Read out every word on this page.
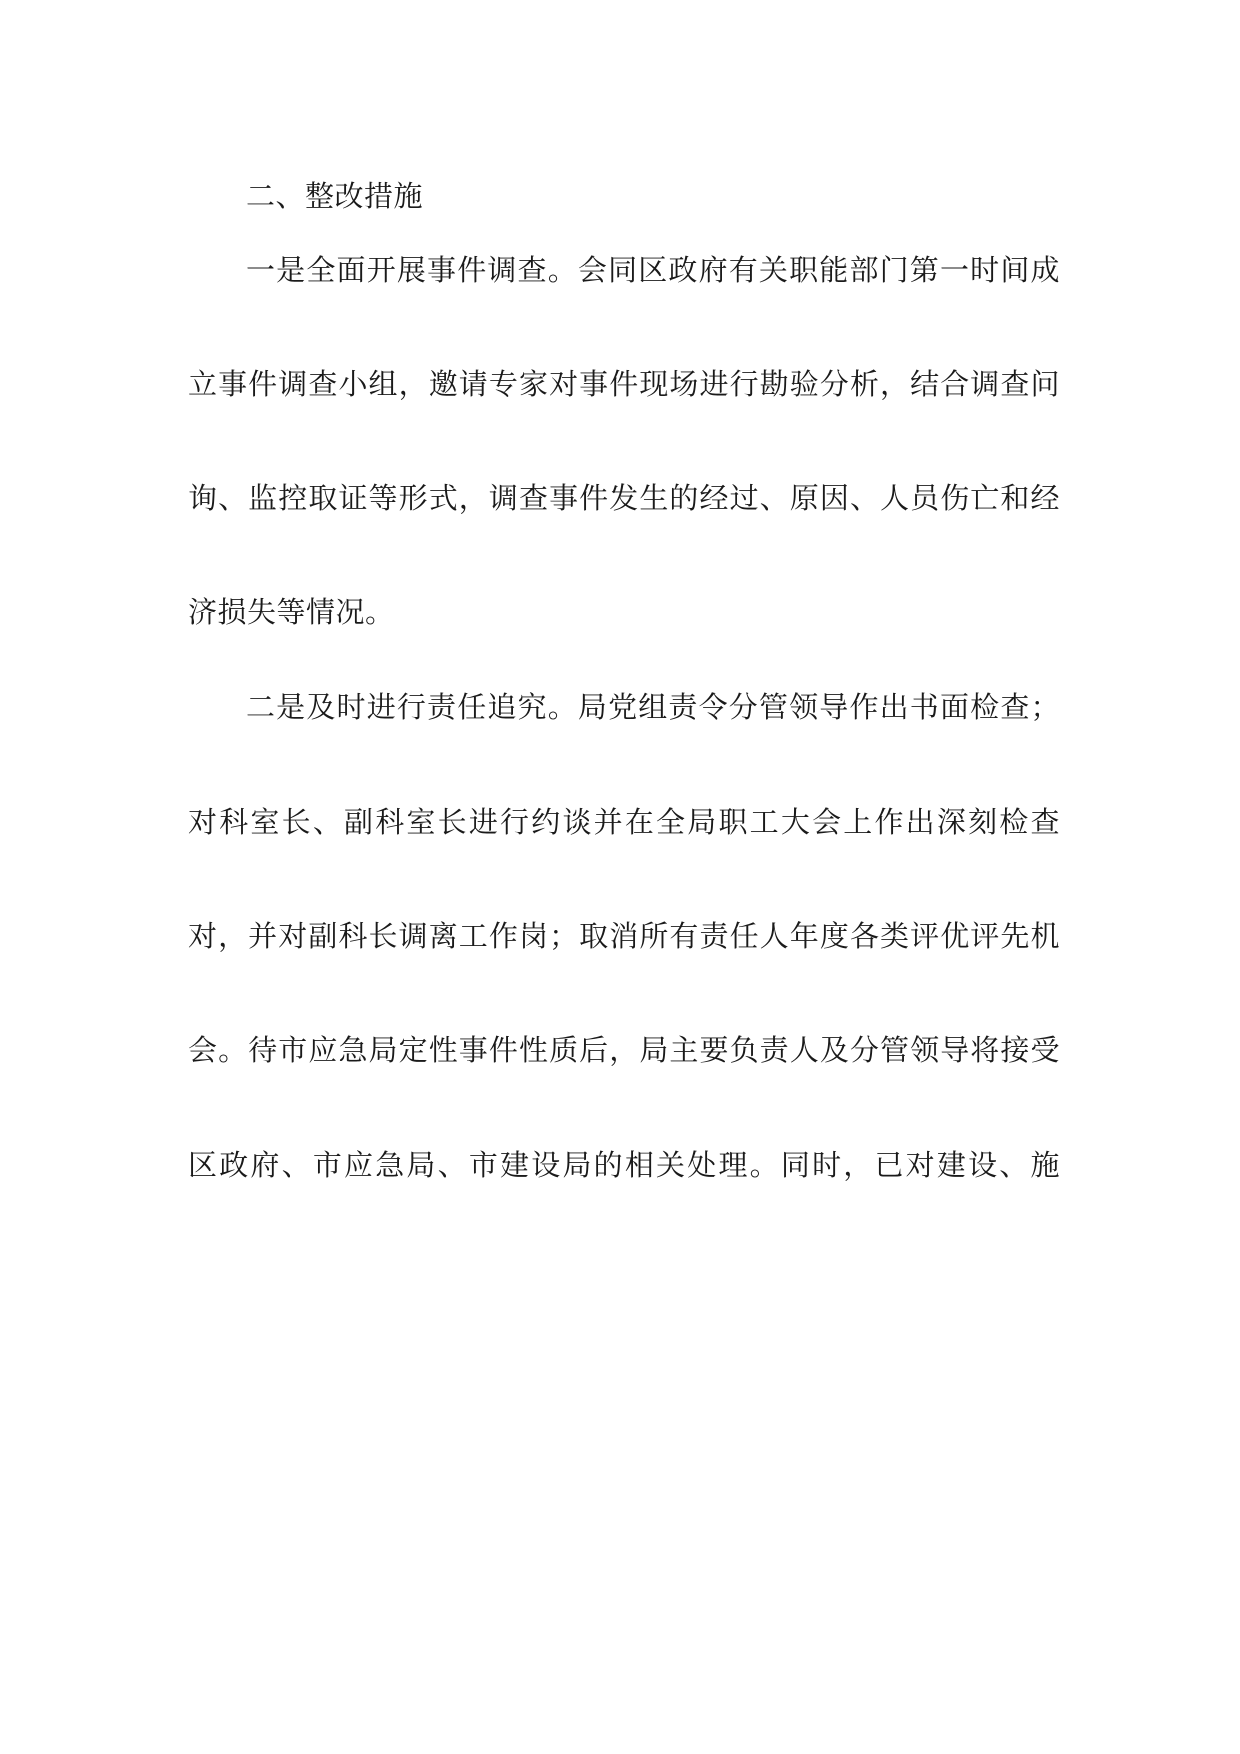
二、整改措施
一是全面开展事件调查。会同区政府有关职能部门第一时间成
立事件调查小组，邀请专家对事件现场进行勘验分析，结合调查问
询、监控取证等形式，调查事件发生的经过、原因、人员伤亡和经
济损失等情况。
二是及时进行责任追究。局党组责令分管领导作出书面检查；
对科室长、副科室长进行约谈并在全局职工大会上作出深刻检查
对，并对副科长调离工作岗；取消所有责任人年度各类评优评先机
会。待市应急局定性事件性质后，局主要负责人及分管领导将接受
区政府、市应急局、市建设局的相关处理。同时，已对建设、施
